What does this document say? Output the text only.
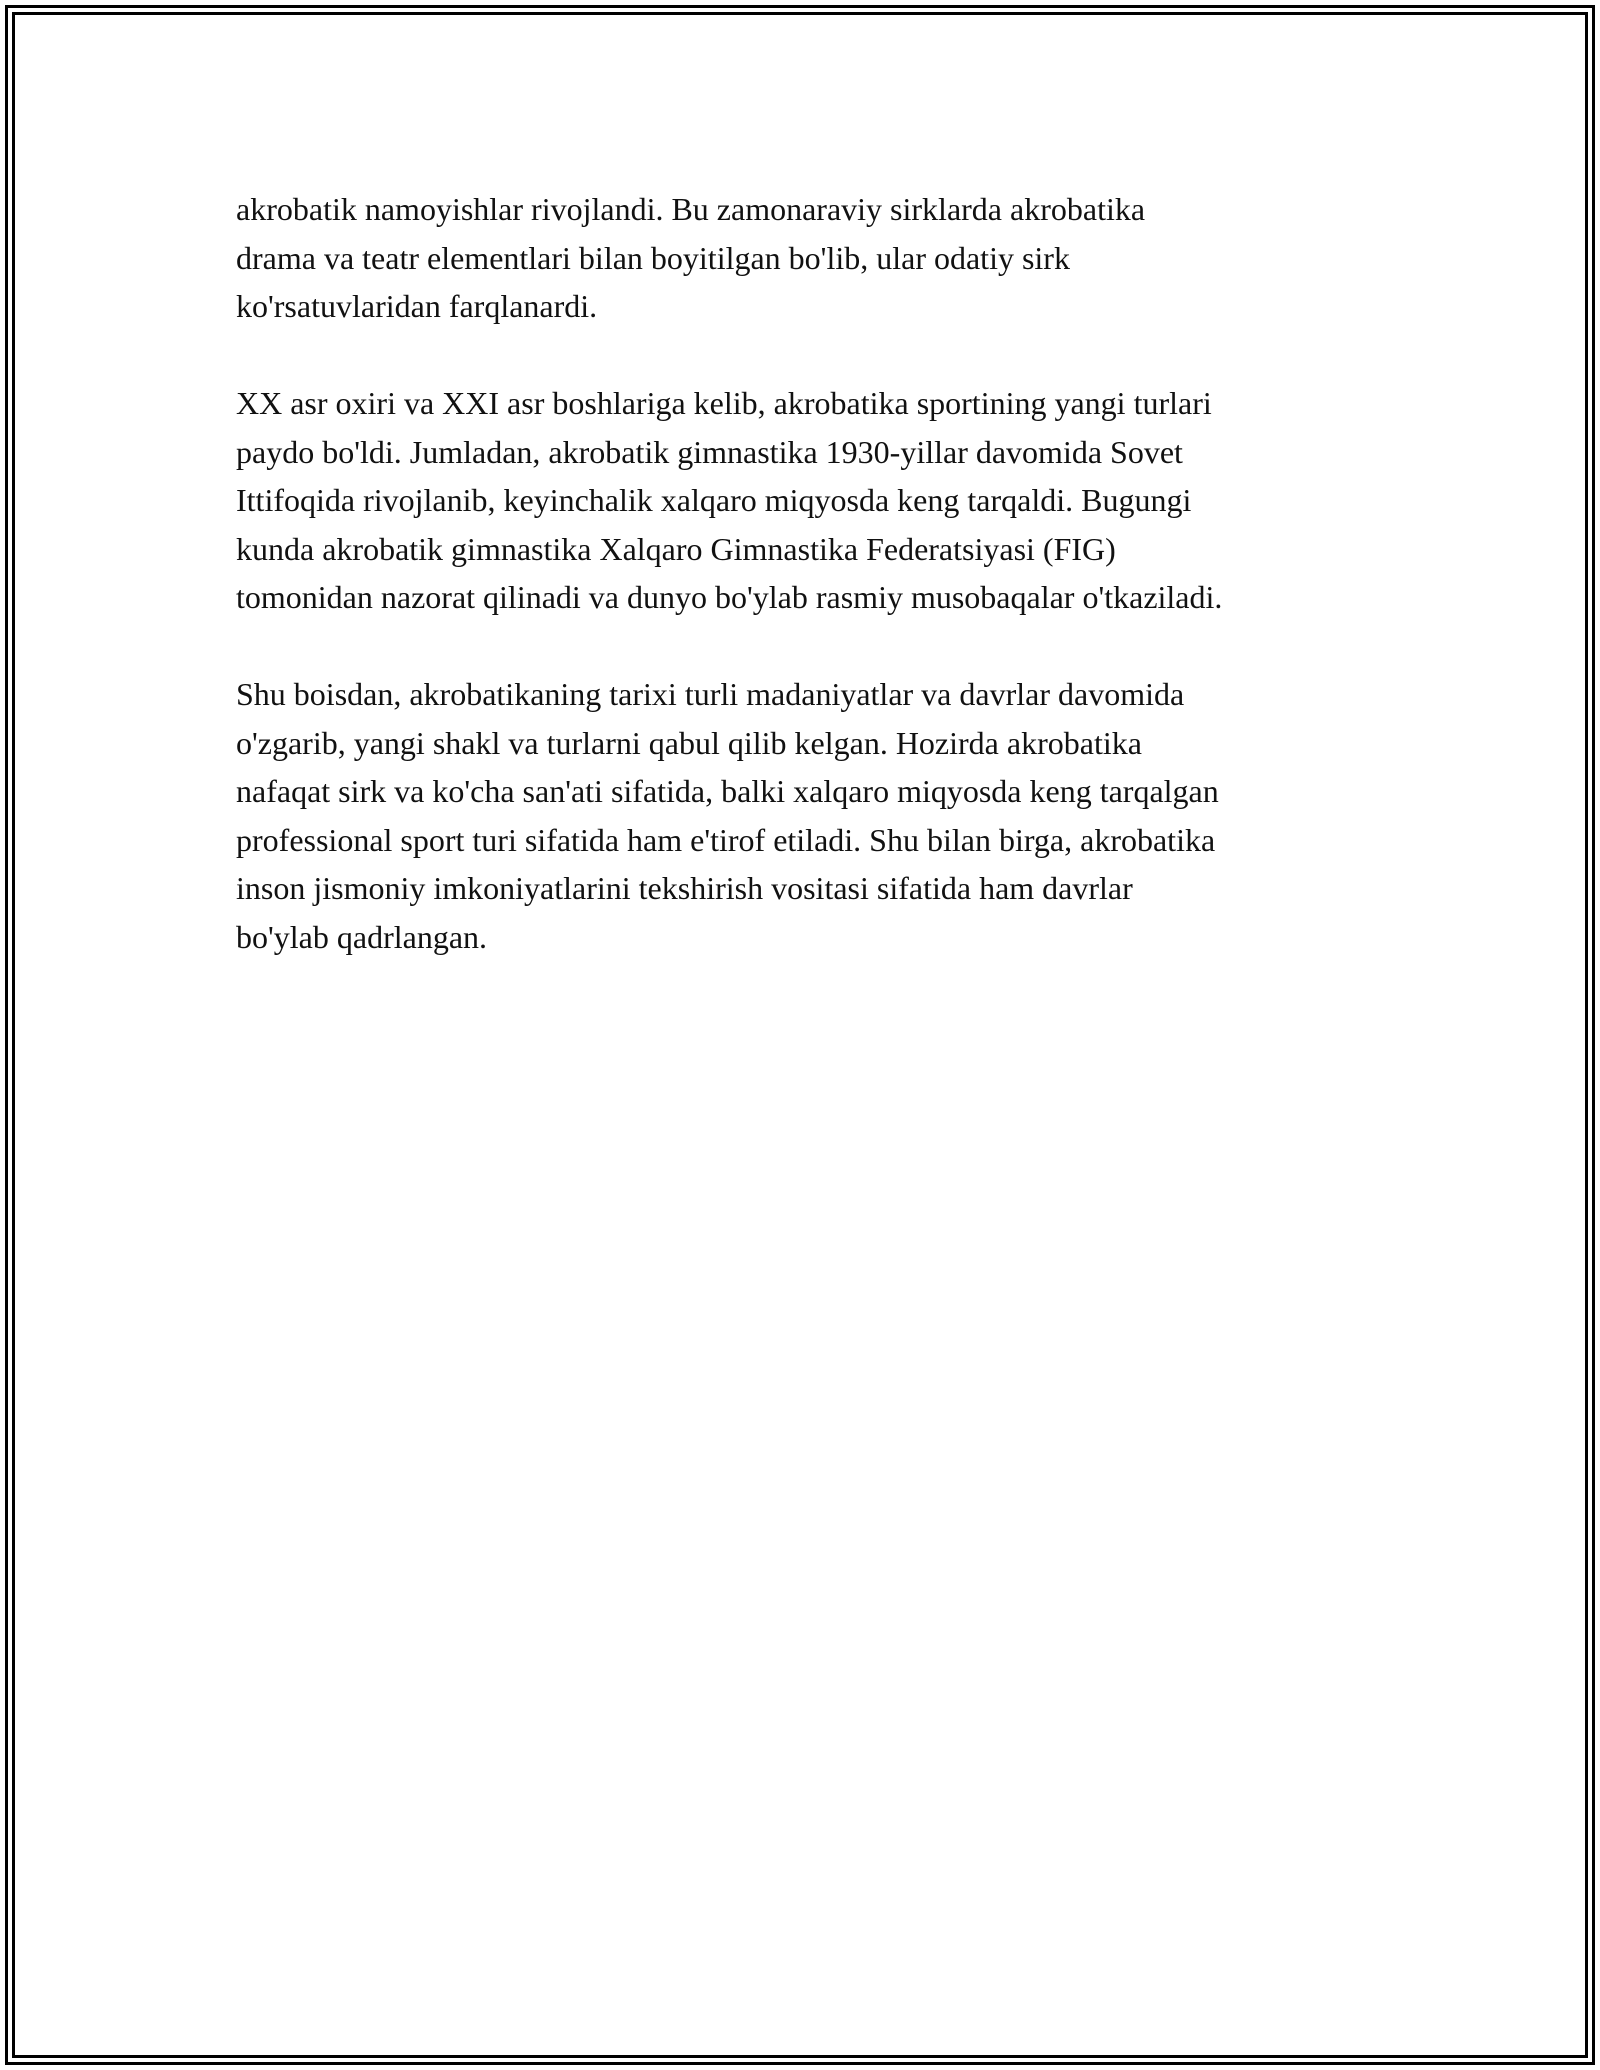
akrobatik namoyishlar rivojlandi. Bu zamonaraviy sirklarda akrobatika
drama va teatr elementlari bilan boyitilgan bo'lib, ular odatiy sirk
ko'rsatuvlaridan farqlanardi.

XX asr oxiri va XXI asr boshlariga kelib, akrobatika sportining yangi turlari
paydo bo'ldi. Jumladan, akrobatik gimnastika 1930-yillar davomida Sovet
Ittifoqida rivojlanib, keyinchalik xalqaro miqyosda keng tarqaldi. Bugungi
kunda akrobatik gimnastika Xalqaro Gimnastika Federatsiyasi (FIG)
tomonidan nazorat qilinadi va dunyo bo'ylab rasmiy musobaqalar o'tkaziladi.

Shu boisdan, akrobatikaning tarixi turli madaniyatlar va davrlar davomida
o'zgarib, yangi shakl va turlarni qabul qilib kelgan. Hozirda akrobatika
nafaqat sirk va ko'cha san'ati sifatida, balki xalqaro miqyosda keng tarqalgan
professional sport turi sifatida ham e'tirof etiladi. Shu bilan birga, akrobatika
inson jismoniy imkoniyatlarini tekshirish vositasi sifatida ham davrlar
bo'ylab qadrlangan.
